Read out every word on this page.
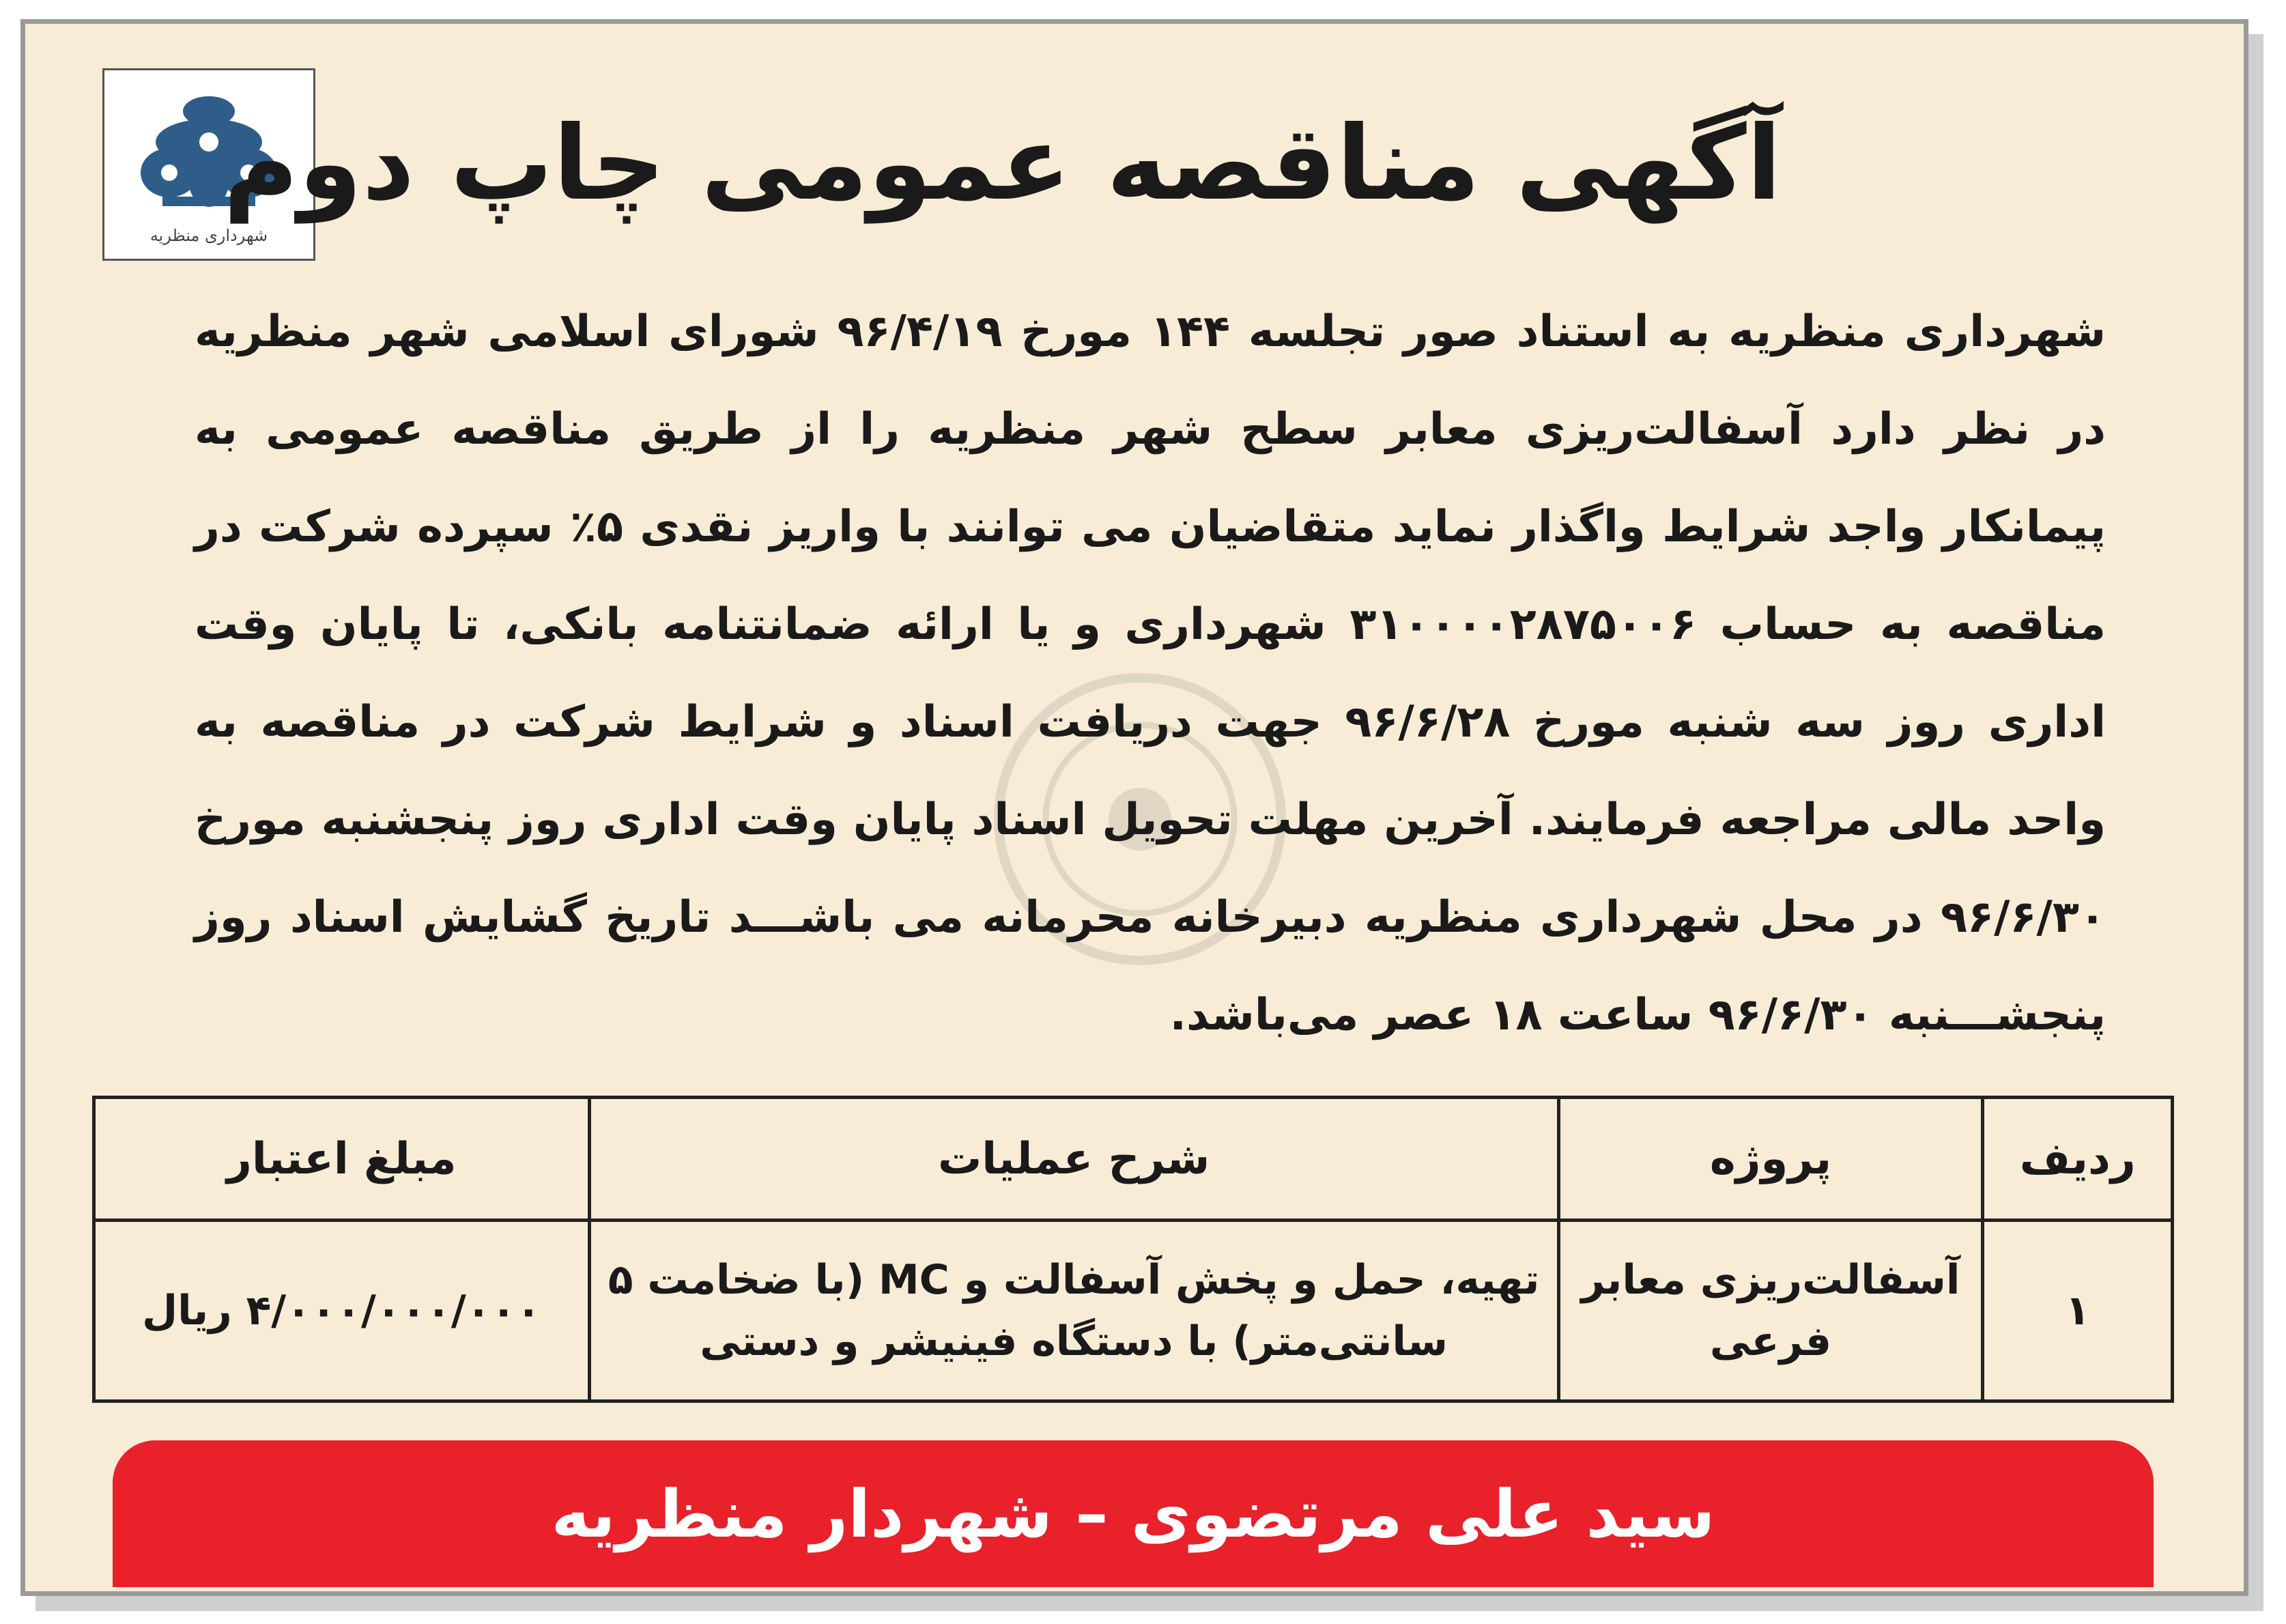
شهرداری منظریه
آگهی مناقصه عمومی چاپ دوم

شهرداری منظریه به استناد صور تجلسه ۱۴۴ مورخ ۹۶/۴/۱۹ شورای اسلامی شهر منظریه در نظر دارد آسفالت‌ریزی معابر سطح شهر منظریه را از طریق مناقصه عمومی به پیمانکار واجد شرایط واگذار نماید متقاضیان می توانند با واریز نقدی ۵٪ سپرده شرکت در مناقصه به حساب ۳۱۰۰۰۰۲۸۷۵۰۰۶ شهرداری و یا ارائه ضمانتنامه بانکی، تا پایان وقت اداری روز سه شنبه مورخ ۹۶/۶/۲۸ جهت دریافت اسناد و شرایط شرکت در مناقصه به واحد مالی مراجعه فرمایند. آخرین مهلت تحویل اسناد پایان وقت اداری روز پنجشنبه مورخ ۹۶/۶/۳۰ در محل شهرداری منظریه دبیرخانه محرمانه می باشـــد تاریخ گشایش اسناد روز پنجشـــنبه ۹۶/۶/۳۰ ساعت ۱۸ عصر می‌باشد.

ردیف	پروژه	شرح عملیات	مبلغ اعتبار
۱	آسفالت‌ریزی معابر فرعی	تهیه، حمل و پخش آسفالت و MC (با ضخامت ۵ سانتی‌متر) با دستگاه فینیشر و دستی	۴/۰۰۰/۰۰۰/۰۰۰ ریال
سید علی مرتضوی – شهردار منظریه
